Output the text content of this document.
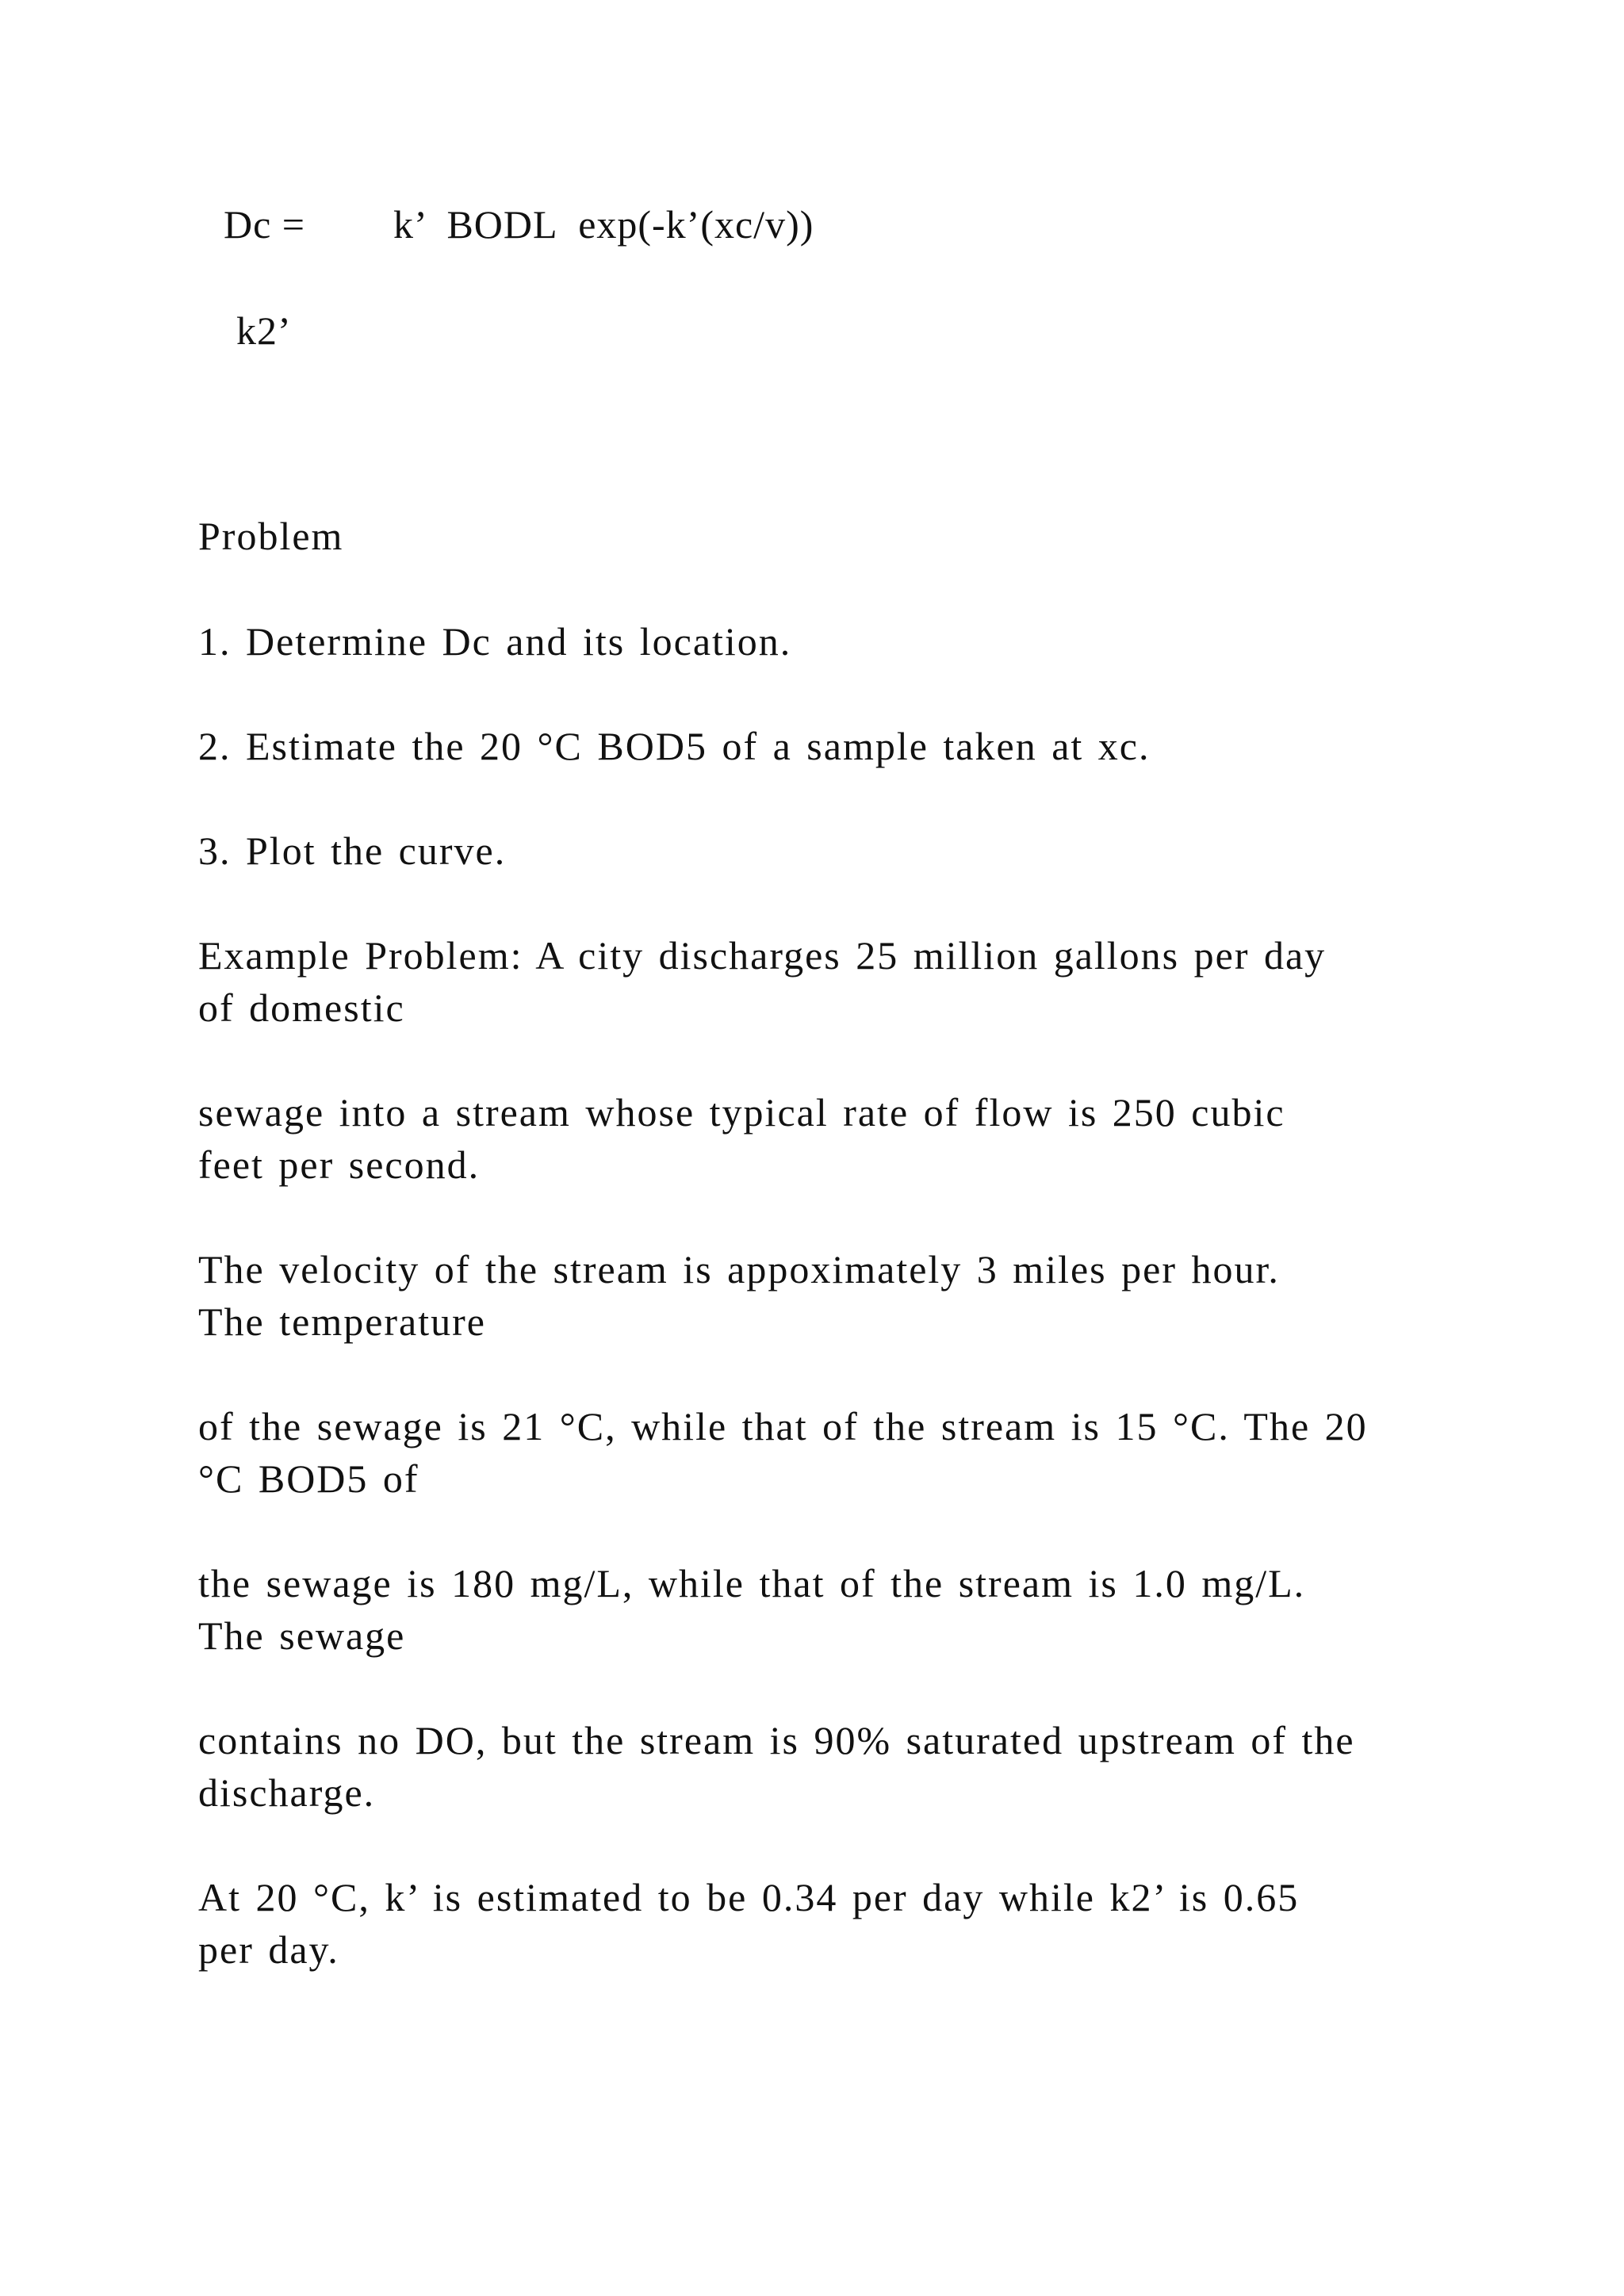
Dc = k’ BODL exp(-k’(xc/v))
k2’
Problem
1. Determine Dc and its location.
2. Estimate the 20 °C BOD5 of a sample taken at xc.
3. Plot the curve.
Example Problem: A city discharges 25 million gallons per day
of domestic
sewage into a stream whose typical rate of flow is 250 cubic
feet per second.
The velocity of the stream is appoximately 3 miles per hour.
The temperature
of the sewage is 21 °C, while that of the stream is 15 °C. The 20
°C BOD5 of
the sewage is 180 mg/L, while that of the stream is 1.0 mg/L.
The sewage
contains no DO, but the stream is 90% saturated upstream of the
discharge.
At 20 °C, k’ is estimated to be 0.34 per day while k2’ is 0.65
per day.
